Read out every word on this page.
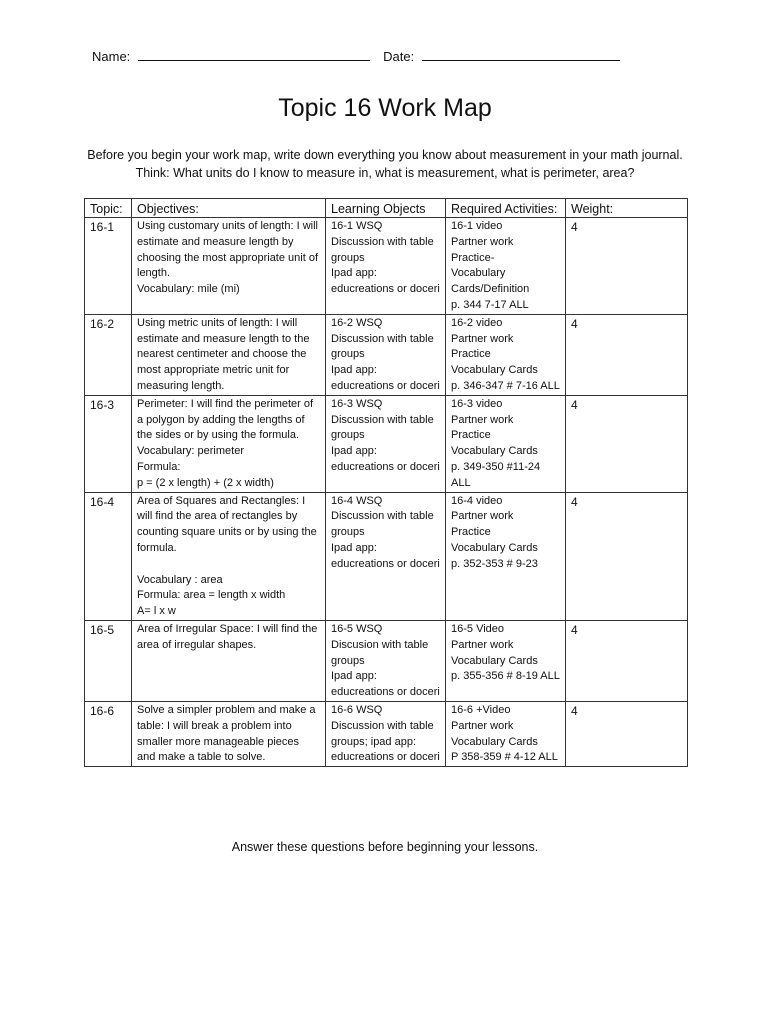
Name:	Date:
Topic 16 Work Map
Before you begin your work map, write down everything you know about measurement in your math journal. Think: What units do I know to measure in, what is measurement, what is perimeter, area?
Topic:	Objectives:	Learning Objects	Required Activities:	Weight:
16-1	Using customary units of length: I will estimate and measure length by choosing the most appropriate unit of length.
Vocabulary: mile (mi)	16-1 WSQ
Discussion with table groups
Ipad app: educreations or doceri	16-1 video
Partner work
Practice-
Vocabulary Cards/Definition
p. 344 7-17 ALL	4
16-2	Using metric units of length: I will estimate and measure length to the nearest centimeter and choose the most appropriate metric unit for measuring length.	16-2 WSQ
Discussion with table groups
Ipad app: educreations or doceri	16-2 video
Partner work
Practice
Vocabulary Cards
p. 346-347 # 7-16 ALL	4
16-3	Perimeter: I will find the perimeter of a polygon by adding the lengths of the sides or by using the formula.
Vocabulary: perimeter
Formula:
p = (2 x length) + (2 x width)	16-3 WSQ
Discussion with table groups
Ipad app: educreations or doceri	16-3 video
Partner work
Practice
Vocabulary Cards
p. 349-350 #11-24 ALL	4
16-4	Area of Squares and Rectangles: I will find the area of rectangles by counting square units or by using the formula.

Vocabulary : area
Formula: area = length x width
A= l x w	16-4 WSQ
Discussion with table groups
Ipad app: educreations or doceri	16-4 video
Partner work
Practice
Vocabulary Cards
p. 352-353 # 9-23	4
16-5	Area of Irregular Space: I will find the area of irregular shapes.	16-5 WSQ
Discusion with table groups
Ipad app: educreations or doceri	16-5 Video
Partner work
Vocabulary Cards
p. 355-356 # 8-19 ALL	4
16-6	Solve a simpler problem and make a table: I will break a problem into smaller more manageable pieces and make a table to solve.	16-6 WSQ
Discussion with table groups; ipad app: educreations or doceri	16-6 +Video
Partner work
Vocabulary Cards
P 358-359 # 4-12 ALL	4
Answer these questions before beginning your lessons.
